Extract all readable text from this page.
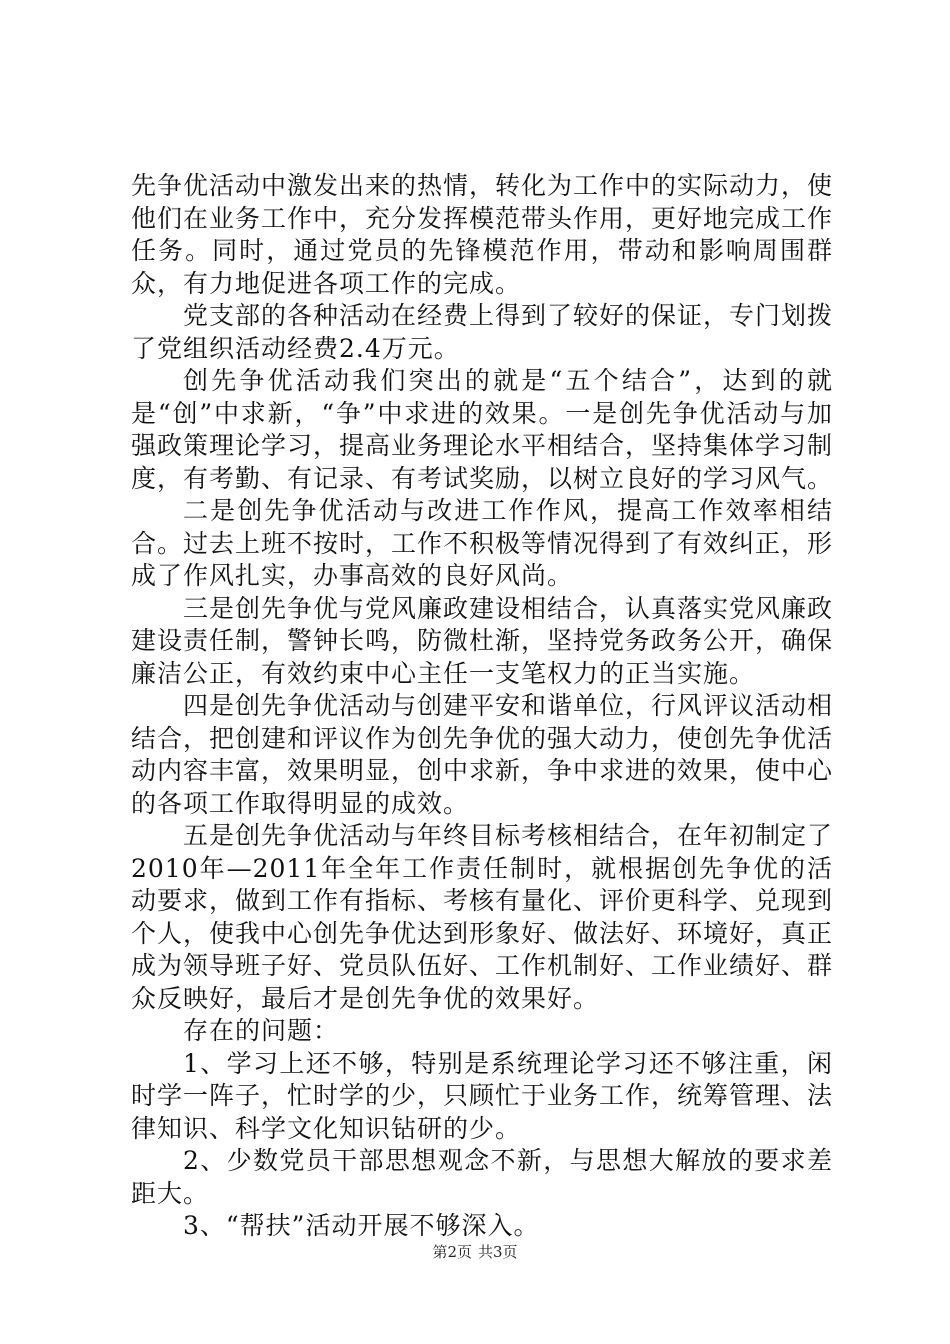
先争优活动中激发出来的热情，转化为工作中的实际动力，使他们在业务工作中，充分发挥模范带头作用，更好地完成工作任务。同时，通过党员的先锋模范作用，带动和影响周围群众，有力地促进各项工作的完成。

党支部的各种活动在经费上得到了较好的保证，专门划拨了党组织活动经费2.4万元。

创先争优活动我们突出的就是“五个结合”，达到的就是“创”中求新，“争”中求进的效果。一是创先争优活动与加强政策理论学习，提高业务理论水平相结合，坚持集体学习制度，有考勤、有记录、有考试奖励，以树立良好的学习风气。

二是创先争优活动与改进工作作风，提高工作效率相结合。过去上班不按时，工作不积极等情况得到了有效纠正，形成了作风扎实，办事高效的良好风尚。

三是创先争优与党风廉政建设相结合，认真落实党风廉政建设责任制，警钟长鸣，防微杜渐，坚持党务政务公开，确保廉洁公正，有效约束中心主任一支笔权力的正当实施。

四是创先争优活动与创建平安和谐单位，行风评议活动相结合，把创建和评议作为创先争优的强大动力，使创先争优活动内容丰富，效果明显，创中求新，争中求进的效果，使中心的各项工作取得明显的成效。

五是创先争优活动与年终目标考核相结合，在年初制定了2010年—2011年全年工作责任制时，就根据创先争优的活动要求，做到工作有指标、考核有量化、评价更科学、兑现到个人，使我中心创先争优达到形象好、做法好、环境好，真正成为领导班子好、党员队伍好、工作机制好、工作业绩好、群众反映好，最后才是创先争优的效果好。

存在的问题：

1、学习上还不够，特别是系统理论学习还不够注重，闲时学一阵子，忙时学的少，只顾忙于业务工作，统筹管理、法律知识、科学文化知识钻研的少。

2、少数党员干部思想观念不新，与思想大解放的要求差距大。

3、“帮扶”活动开展不够深入。

第2页 共3页
